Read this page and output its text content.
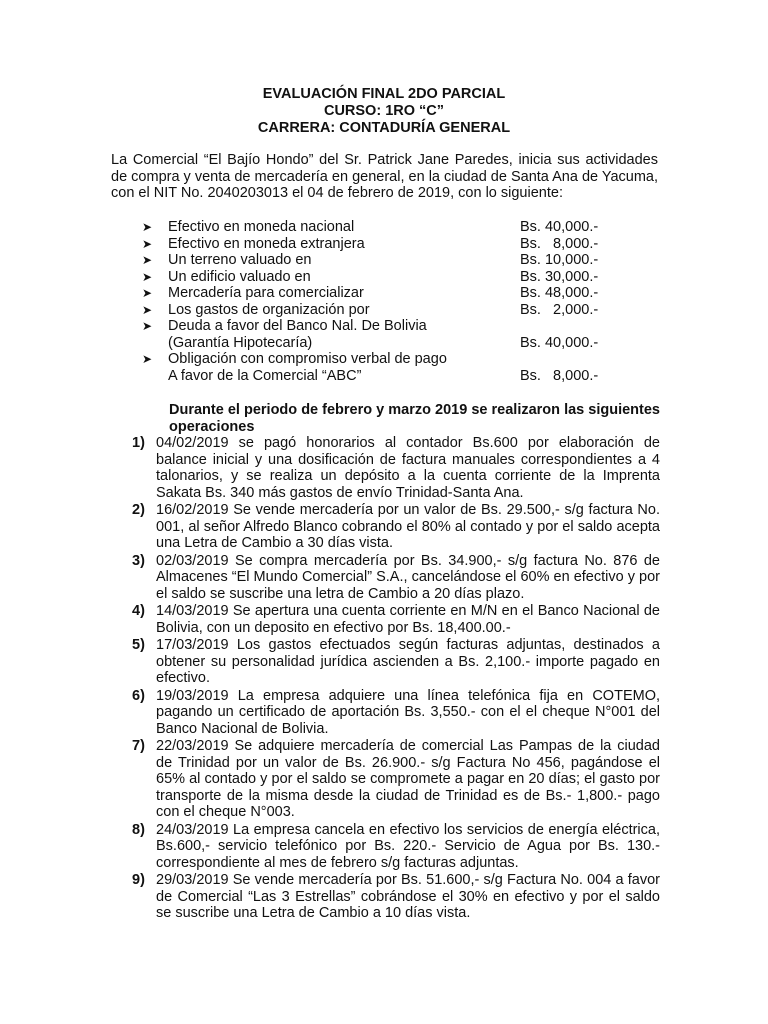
EVALUACIÓN FINAL 2DO PARCIAL
CURSO: 1RO “C”
CARRERA: CONTADURÍA GENERAL
La Comercial “El Bajío Hondo” del Sr. Patrick Jane Paredes, inicia sus actividades de compra y venta de mercadería en general, en la ciudad de Santa Ana de Yacuma, con el NIT No. 2040203013 el 04 de febrero de 2019, con lo siguiente:
➤ Efectivo en moneda nacional	Bs. 40,000.-
➤ Efectivo en moneda extranjera	Bs.   8,000.-
➤ Un terreno valuado en	Bs. 10,000.-
➤ Un edificio valuado en	Bs. 30,000.-
➤ Mercadería para comercializar	Bs. 48,000.-
➤ Los gastos de organización por	Bs.   2,000.-
➤ Deuda a favor del Banco Nal. De Bolivia
(Garantía Hipotecaría)	Bs. 40,000.-
➤ Obligación con compromiso verbal de pago
A favor de la Comercial “ABC”	Bs.   8,000.-
Durante el periodo de febrero y marzo 2019 se realizaron las siguientes operaciones
1) 04/02/2019 se pagó honorarios al contador Bs.600 por elaboración de balance inicial y una dosificación de factura manuales correspondientes a 4 talonarios, y se realiza un depósito a la cuenta corriente de la Imprenta Sakata Bs. 340 más gastos de envío Trinidad-Santa Ana.
2) 16/02/2019 Se vende mercadería por un valor de Bs. 29.500,- s/g factura No. 001, al señor Alfredo Blanco cobrando el 80% al contado y por el saldo acepta una Letra de Cambio a 30 días vista.
3) 02/03/2019 Se compra mercadería por Bs. 34.900,- s/g factura No. 876 de Almacenes “El Mundo Comercial” S.A., cancelándose el 60% en efectivo y por el saldo se suscribe una letra de Cambio a 20 días plazo.
4) 14/03/2019 Se apertura una cuenta corriente en M/N en el Banco Nacional de Bolivia, con un deposito en efectivo por Bs. 18,400.00.-
5) 17/03/2019 Los gastos efectuados según facturas adjuntas, destinados a obtener su personalidad jurídica ascienden a Bs. 2,100.- importe pagado en efectivo.
6) 19/03/2019 La empresa adquiere una línea telefónica fija en COTEMO, pagando un certificado de aportación Bs. 3,550.- con el el cheque N°001 del Banco Nacional de Bolivia.
7) 22/03/2019 Se adquiere mercadería de comercial Las Pampas de la ciudad de Trinidad por un valor de Bs. 26.900.- s/g Factura No 456, pagándose el 65% al contado y por el saldo se compromete a pagar en 20 días; el gasto por transporte de la misma desde la ciudad de Trinidad es de Bs.- 1,800.- pago con el cheque N°003.
8) 24/03/2019 La empresa cancela en efectivo los servicios de energía eléctrica, Bs.600,- servicio telefónico por Bs. 220.- Servicio de Agua por Bs. 130.- correspondiente al mes de febrero s/g facturas adjuntas.
9) 29/03/2019 Se vende mercadería por Bs. 51.600,- s/g Factura No. 004 a favor de Comercial “Las 3 Estrellas” cobrándose el 30% en efectivo y por el saldo se suscribe una Letra de Cambio a 10 días vista.
